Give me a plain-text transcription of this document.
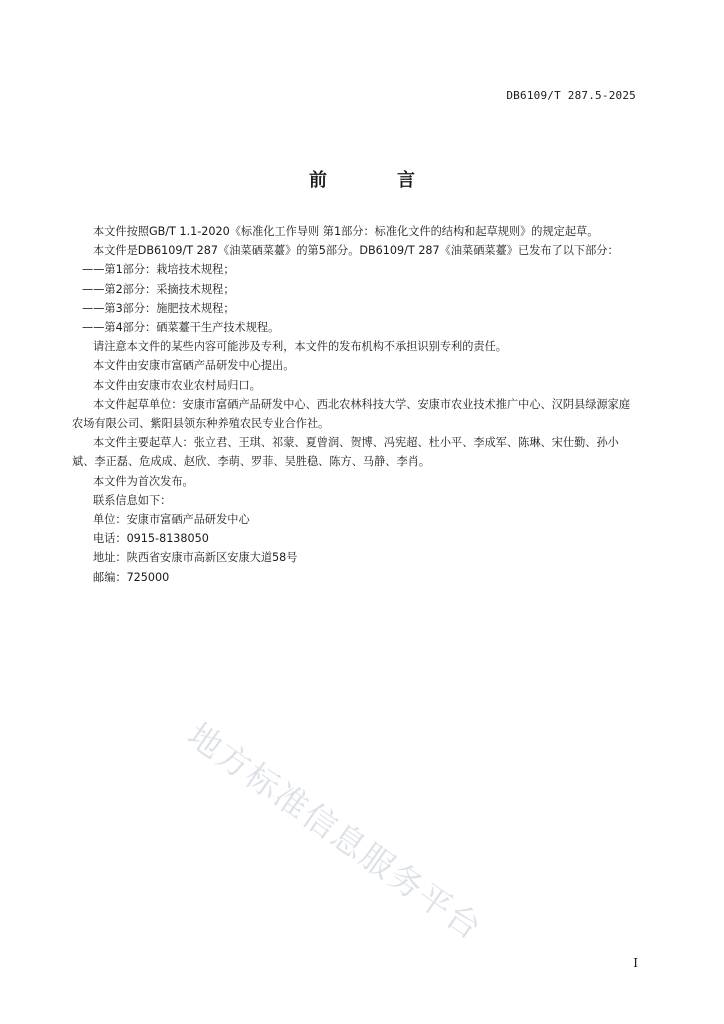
DB6109/T 287.5-2025
前　言

本文件按照GB/T 1.1-2020《标准化工作导则 第1部分：标准化文件的结构和起草规则》的规定起草。

本文件是DB6109/T 287《油菜硒菜薹》的第5部分。DB6109/T 287《油菜硒菜薹》已发布了以下部分：

——第1部分：栽培技术规程；

——第2部分：采摘技术规程；

——第3部分：施肥技术规程；

——第4部分：硒菜薹干生产技术规程。

请注意本文件的某些内容可能涉及专利，本文件的发布机构不承担识别专利的责任。

本文件由安康市富硒产品研发中心提出。

本文件由安康市农业农村局归口。

本文件起草单位：安康市富硒产品研发中心、西北农林科技大学、安康市农业技术推广中心、汉阴县绿源家庭农场有限公司、紫阳县领东种养殖农民专业合作社。

本文件主要起草人：张立君、王琪、祁蒙、夏曾润、贺博、冯宪超、杜小平、李成军、陈琳、宋仕勤、孙小斌、李正磊、危成成、赵欣、李萌、罗菲、吴胜稳、陈方、马静、李肖。

本文件为首次发布。

联系信息如下：

单位：安康市富硒产品研发中心

电话：0915-8138050

地址：陕西省安康市高新区安康大道58号

邮编：725000

地方标准信息服务平台
I
